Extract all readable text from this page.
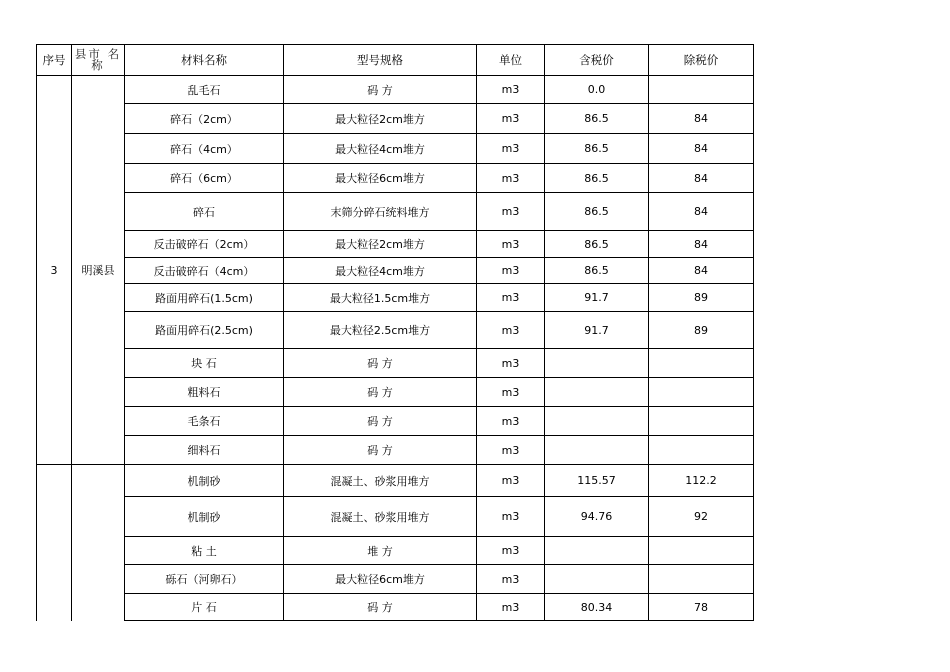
序号	县市 名称	材料名称	型号规格	单位	含税价	除税价
3	明溪县	乱毛石	码 方	m3	0.0	
		碎石（2cm）	最大粒径2cm堆方	m3	86.5	84
		碎石（4cm）	最大粒径4cm堆方	m3	86.5	84
		碎石（6cm）	最大粒径6cm堆方	m3	86.5	84
		碎石	末筛分碎石统料堆方	m3	86.5	84
		反击破碎石（2cm）	最大粒径2cm堆方	m3	86.5	84
		反击破碎石（4cm）	最大粒径4cm堆方	m3	86.5	84
		路面用碎石(1.5cm)	最大粒径1.5cm堆方	m3	91.7	89
		路面用碎石(2.5cm)	最大粒径2.5cm堆方	m3	91.7	89
		块 石	码 方	m3		
		粗料石	码 方	m3		
		毛条石	码 方	m3		
		细料石	码 方	m3		
		机制砂	混凝土、砂浆用堆方	m3	115.57	112.2
		机制砂	混凝土、砂浆用堆方	m3	94.76	92
		粘 土	堆 方	m3		
		砾石（河卵石）	最大粒径6cm堆方	m3		
		片 石	码 方	m3	80.34	78
